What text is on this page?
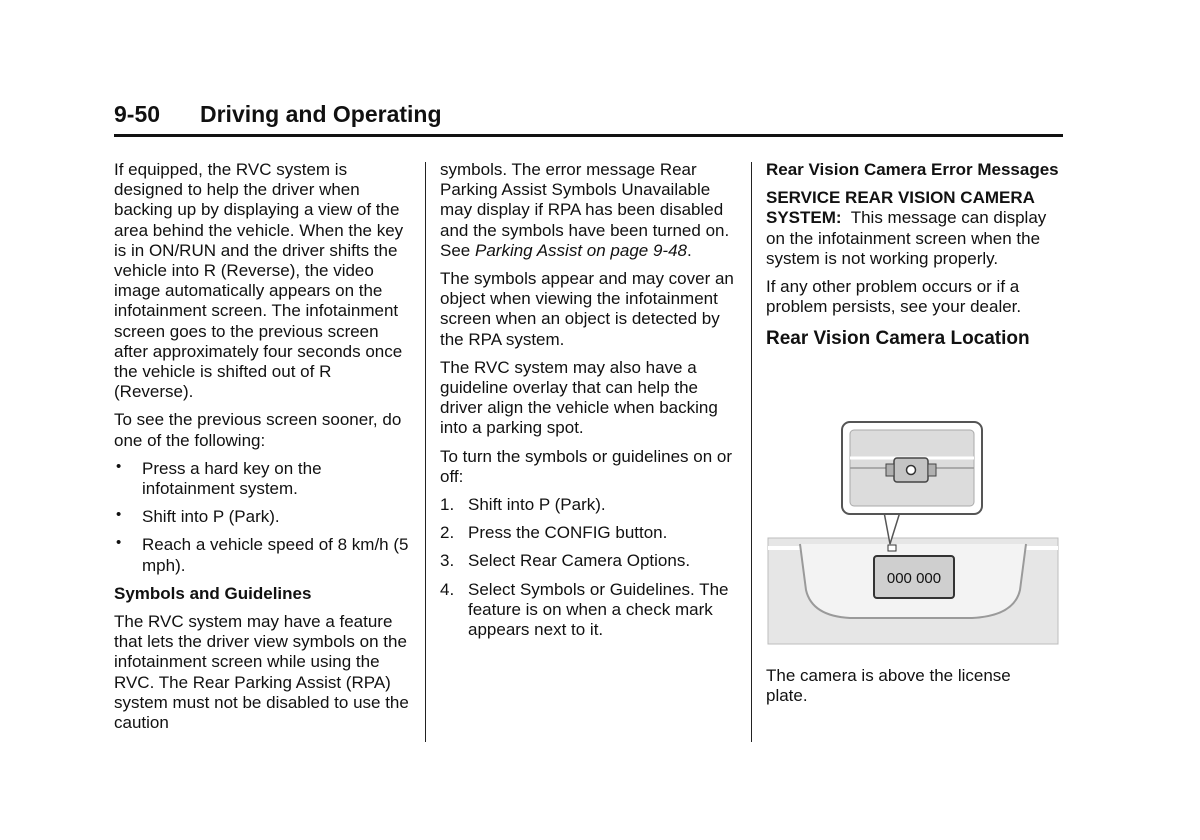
9-50 Driving and Operating

If equipped, the RVC system is designed to help the driver when backing up by displaying a view of the area behind the vehicle. When the key is in ON/RUN and the driver shifts the vehicle into R (Reverse), the video image automatically appears on the infotainment screen. The infotainment screen goes to the previous screen after approximately four seconds once the vehicle is shifted out of R (Reverse).

To see the previous screen sooner, do one of the following:

• Press a hard key on the infotainment system.
• Shift into P (Park).
• Reach a vehicle speed of 8 km/h (5 mph).
Symbols and Guidelines

The RVC system may have a feature that lets the driver view symbols on the infotainment screen while using the RVC. The Rear Parking Assist (RPA) system must not be disabled to use the caution

symbols. The error message Rear Parking Assist Symbols Unavailable may display if RPA has been disabled and the symbols have been turned on. See Parking Assist on page 9-48.

The symbols appear and may cover an object when viewing the infotainment screen when an object is detected by the RPA system.

The RVC system may also have a guideline overlay that can help the driver align the vehicle when backing into a parking spot.

To turn the symbols or guidelines on or off:

1. Shift into P (Park).
2. Press the CONFIG button.
3. Select Rear Camera Options.
4. Select Symbols or Guidelines. The feature is on when a check mark appears next to it.
Rear Vision Camera Error Messages

SERVICE REAR VISION CAMERA SYSTEM:  This message can display on the infotainment screen when the system is not working properly.

If any other problem occurs or if a problem persists, see your dealer.

Rear Vision Camera Location
000 000
The camera is above the license plate.
